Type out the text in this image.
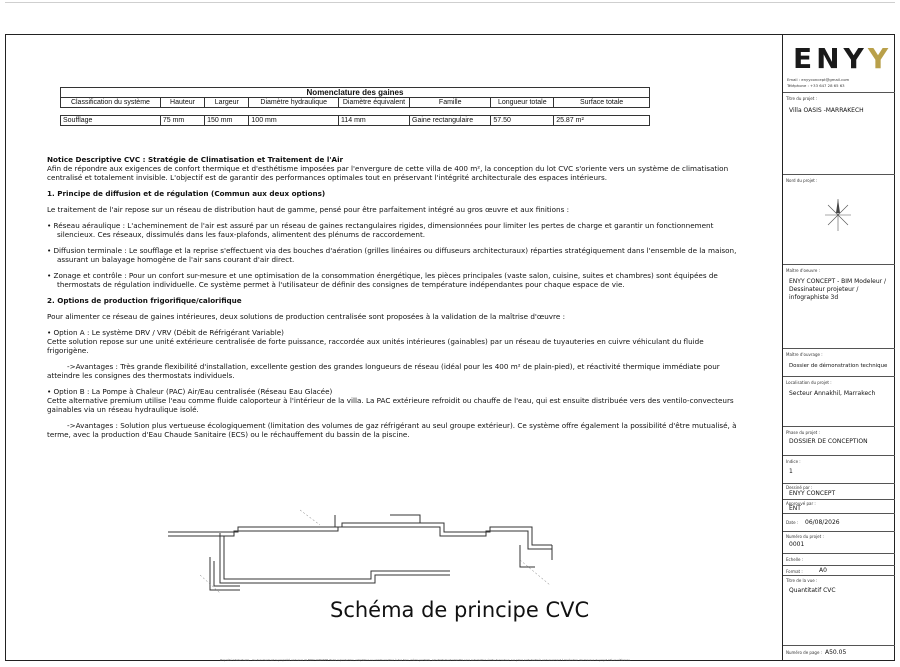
Nomenclature des gaines							
Classification du système	Hauteur	Largeur	Diamètre hydraulique	Diamètre équivalent	Famille	Longueur totale	Surface totale

Soufflage	75 mm	150 mm	100 mm	114 mm	Gaine rectangulaire	57.50	25.87 m²

Notice Descriptive CVC : Stratégie de Climatisation et Traitement de l'Air

Afin de répondre aux exigences de confort thermique et d'esthétisme imposées par l'envergure de cette villa de 400 m², la conception du lot CVC s'oriente vers un système de climatisation centralisé et totalement invisible. L'objectif est de garantir des performances optimales tout en préservant l'intégrité architecturale des espaces intérieurs.

1. Principe de diffusion et de régulation (Commun aux deux options)

Le traitement de l'air repose sur un réseau de distribution haut de gamme, pensé pour être parfaitement intégré au gros œuvre et aux finitions :

• Réseau aéraulique : L'acheminement de l'air est assuré par un réseau de gaines rectangulaires rigides, dimensionnées pour limiter les pertes de charge et garantir un fonctionnement silencieux. Ces réseaux, dissimulés dans les faux-plafonds, alimentent des plénums de raccordement.

• Diffusion terminale : Le soufflage et la reprise s'effectuent via des bouches d'aération (grilles linéaires ou diffuseurs architecturaux) réparties stratégiquement dans l'ensemble de la maison, assurant un balayage homogène de l'air sans courant d'air direct.

• Zonage et contrôle : Pour un confort sur-mesure et une optimisation de la consommation énergétique, les pièces principales (vaste salon, cuisine, suites et chambres) sont équipées de thermostats de régulation individuelle. Ce système permet à l'utilisateur de définir des consignes de température indépendantes pour chaque espace de vie.

2. Options de production frigorifique/calorifique

Pour alimenter ce réseau de gaines intérieures, deux solutions de production centralisée sont proposées à la validation de la maîtrise d'œuvre :

• Option A : Le système DRV / VRV (Débit de Réfrigérant Variable)

Cette solution repose sur une unité extérieure centralisée de forte puissance, raccordée aux unités intérieures (gainables) par un réseau de tuyauteries en cuivre véhiculant du fluide frigorigène.

->Avantages : Très grande flexibilité d'installation, excellente gestion des grandes longueurs de réseau (idéal pour les 400 m² de plain-pied), et réactivité thermique immédiate pour atteindre les consignes des thermostats individuels.

• Option B : La Pompe à Chaleur (PAC) Air/Eau centralisée (Réseau Eau Glacée)

Cette alternative premium utilise l'eau comme fluide caloporteur à l'intérieur de la villa. La PAC extérieure refroidit ou chauffe de l'eau, qui est ensuite distribuée vers des ventilo-convecteurs gainables via un réseau hydraulique isolé.

->Avantages : Solution plus vertueuse écologiquement (limitation des volumes de gaz réfrigérant au seul groupe extérieur). Ce système offre également la possibilité d'être mutualisé, à terme, avec la production d'Eau Chaude Sanitaire (ECS) ou le réchauffement du bassin de la piscine.

Schéma de principe CVC
ENYY
Email : enyyconcept@gmail.com
Téléphone : +33 647 28 65 63
Titre du projet :
Villa OASIS -MARRAKECH
Nord du projet :
Maître d'oeuvre :
ENYY CONCEPT - BIM Modeleur /
Dessinateur projeteur /
infographiste 3d
Maître d'ouvrage :
Dossier de démonstration technique
Localisation du projet :
Secteur Annakhil, Marrakech
Phase du projet :
DOSSIER DE CONCEPTION
Indice :
1
Dessiné par :
ENYY CONCEPT
Approuvé par :
ENT
Date : 06/08/2026
Numéro du projet :
0001
Echelle :
Format :	A0
Titre de la vue :
Quantitatif CVC
Numéro de page : A50.05
Propriété Intellectuelle – Ce document est la propriété exclusive de ENYY CONCEPT. Toute reproduction, adaptation ou communication à des tiers, même partielle, est strictement interdite sans autorisation écrite de l'auteur. Les plans sont destinés exclusivement à l'exécution des travaux du projet cité en référence.
